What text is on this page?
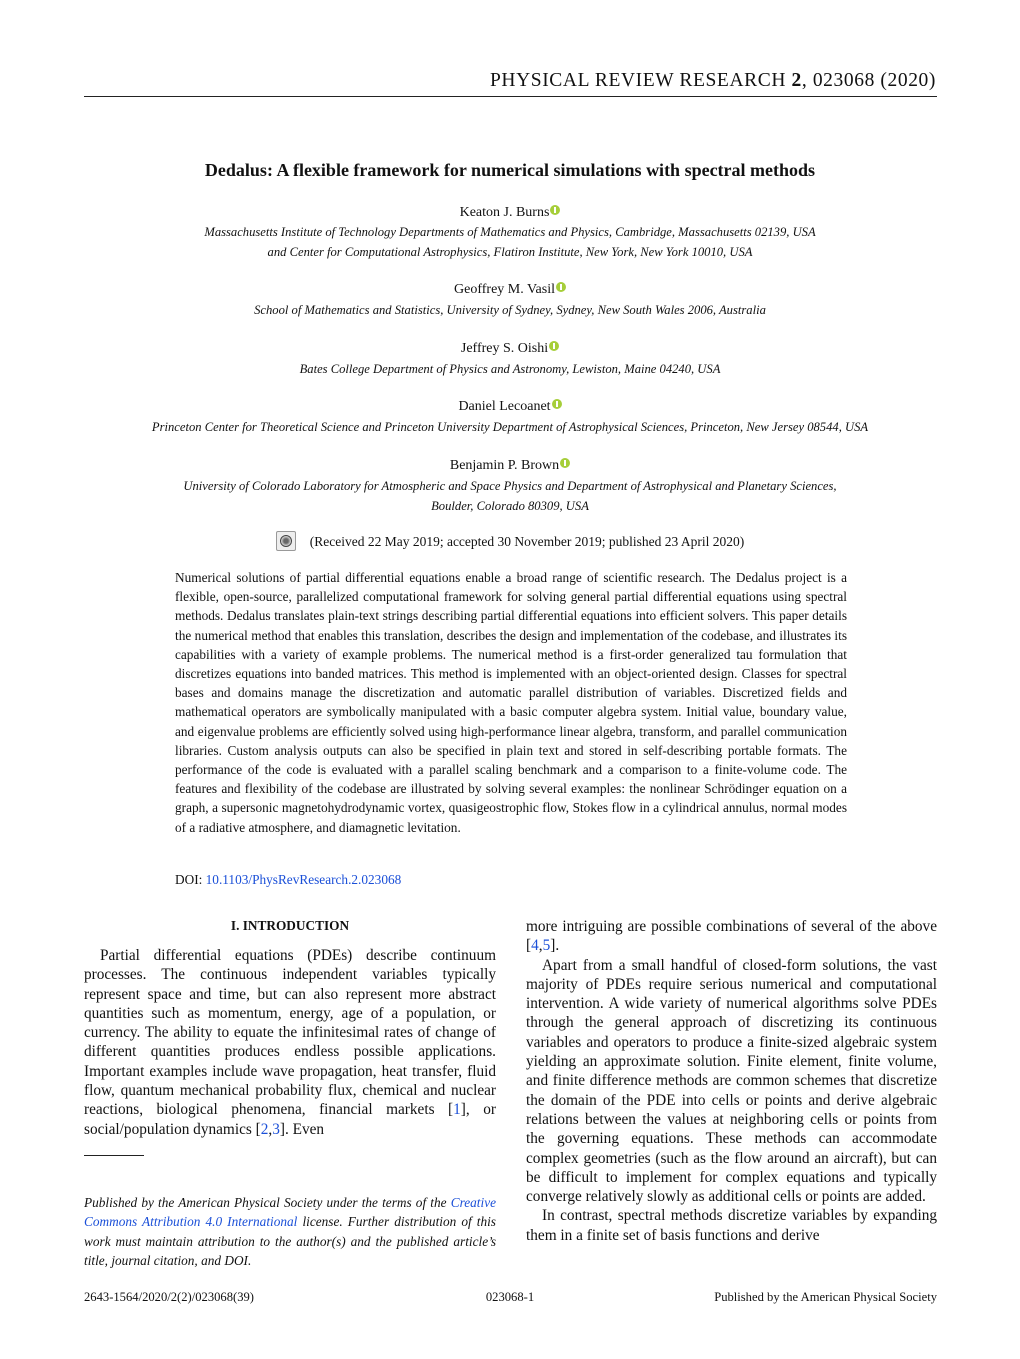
PHYSICAL REVIEW RESEARCH 2, 023068 (2020)
Dedalus: A flexible framework for numerical simulations with spectral methods
Keaton J. Burns
Massachusetts Institute of Technology Departments of Mathematics and Physics, Cambridge, Massachusetts 02139, USA
and Center for Computational Astrophysics, Flatiron Institute, New York, New York 10010, USA
Geoffrey M. Vasil
School of Mathematics and Statistics, University of Sydney, Sydney, New South Wales 2006, Australia
Jeffrey S. Oishi
Bates College Department of Physics and Astronomy, Lewiston, Maine 04240, USA
Daniel Lecoanet
Princeton Center for Theoretical Science and Princeton University Department of Astrophysical Sciences, Princeton, New Jersey 08544, USA
Benjamin P. Brown
University of Colorado Laboratory for Atmospheric and Space Physics and Department of Astrophysical and Planetary Sciences,
Boulder, Colorado 80309, USA
(Received 22 May 2019; accepted 30 November 2019; published 23 April 2020)
Numerical solutions of partial differential equations enable a broad range of scientific research. The Dedalus project is a flexible, open-source, parallelized computational framework for solving general partial differential equations using spectral methods. Dedalus translates plain-text strings describing partial differential equations into efficient solvers. This paper details the numerical method that enables this translation, describes the design and implementation of the codebase, and illustrates its capabilities with a variety of example problems. The numerical method is a first-order generalized tau formulation that discretizes equations into banded matrices. This method is implemented with an object-oriented design. Classes for spectral bases and domains manage the discretization and automatic parallel distribution of variables. Discretized fields and mathematical operators are symbolically manipulated with a basic computer algebra system. Initial value, boundary value, and eigenvalue problems are efficiently solved using high-performance linear algebra, transform, and parallel communication libraries. Custom analysis outputs can also be specified in plain text and stored in self-describing portable formats. The performance of the code is evaluated with a parallel scaling benchmark and a comparison to a finite-volume code. The features and flexibility of the codebase are illustrated by solving several examples: the nonlinear Schrödinger equation on a graph, a supersonic magnetohydrodynamic vortex, quasigeostrophic flow, Stokes flow in a cylindrical annulus, normal modes of a radiative atmosphere, and diamagnetic levitation.
DOI: 10.1103/PhysRevResearch.2.023068
I. INTRODUCTION

Partial differential equations (PDEs) describe continuum processes. The continuous independent variables typically represent space and time, but can also represent more abstract quantities such as momentum, energy, age of a population, or currency. The ability to equate the infinitesimal rates of change of different quantities produces endless possible applications. Important examples include wave propagation, heat transfer, fluid flow, quantum mechanical probability flux, chemical and nuclear reactions, biological phenomena, financial markets [1], or social/population dynamics [2,3]. Even

Published by the American Physical Society under the terms of the Creative Commons Attribution 4.0 International license. Further distribution of this work must maintain attribution to the author(s) and the published article’s title, journal citation, and DOI.

more intriguing are possible combinations of several of the above [4,5].

Apart from a small handful of closed-form solutions, the vast majority of PDEs require serious numerical and computational intervention. A wide variety of numerical algorithms solve PDEs through the general approach of discretizing its continuous variables and operators to produce a finite-sized algebraic system yielding an approximate solution. Finite element, finite volume, and finite difference methods are common schemes that discretize the domain of the PDE into cells or points and derive algebraic relations between the values at neighboring cells or points from the governing equations. These methods can accommodate complex geometries (such as the flow around an aircraft), but can be difficult to implement for complex equations and typically converge relatively slowly as additional cells or points are added.

In contrast, spectral methods discretize variables by expanding them in a finite set of basis functions and derive

2643-1564/2020/2(2)/023068(39)	023068-1	Published by the American Physical Society
